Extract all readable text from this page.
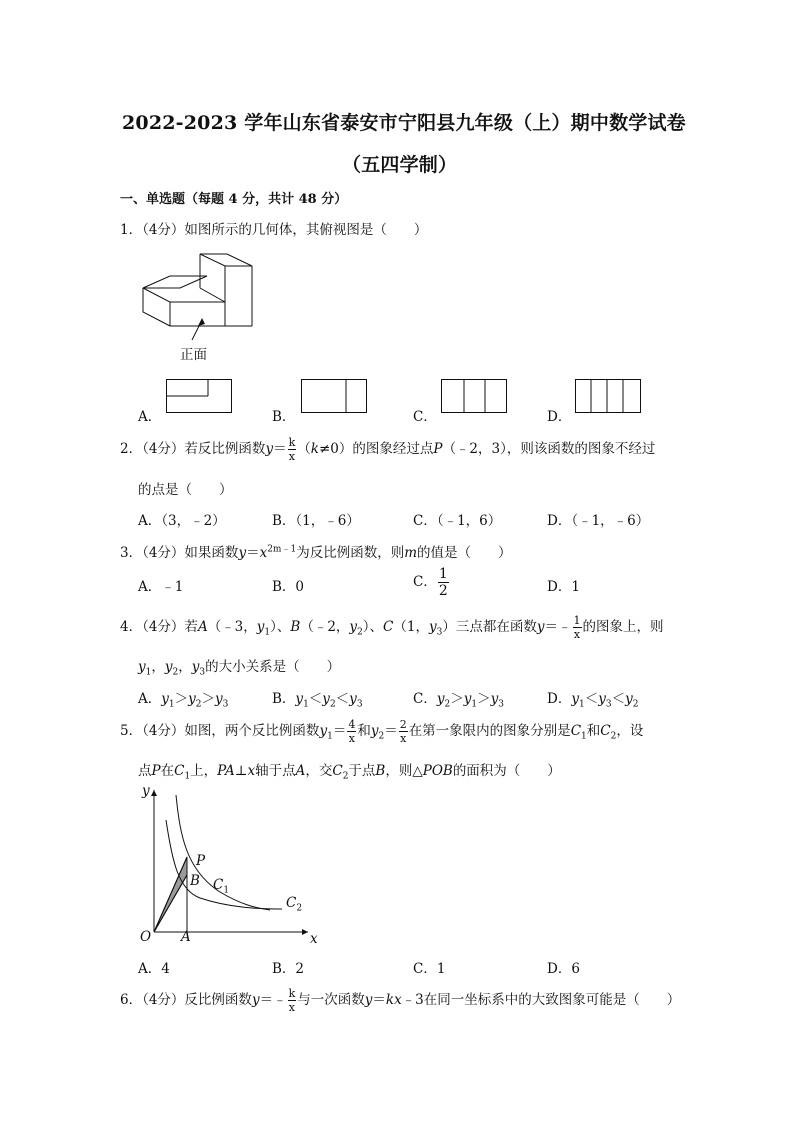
2022-2023 学年山东省泰安市宁阳县九年级（上）期中数学试卷
（五四学制）
一、单选题（每题 4 分，共计 48 分）
1．（4分）如图所示的几何体，其俯视图是（　　）
正面
A．	B．	C．	D．
2．（4分）若反比例函数$y= \frac{k}{x} (k\ne 0)$的图象经过点P（﹣2，3），则该函数的图象不经过
的点是（　　）
A．（3，﹣2）	B．（1，﹣6）	C．（﹣1，6）	D．（﹣1，﹣6）
3．（4分）如果函数$y=x^{2m﹣1}$为反比例函数，则m的值是（　　）
A．﹣1	B．0	C． $\frac{1}{2}$	D．1
4．（4分）若A（﹣3，$y_1$）、B（﹣2，$y_2$）、C（1，$y_3$）三点都在函数y＝﹣ $\frac{1}{x}$ 的图象上，则
$y_1$，$y_2$，$y_3$的大小关系是（　　）
A．$y_1>y_2>y_3$	B．$y_1<y_2<y_3$	C．$y_2>y_1>y_3$	D．$y_1<y_3<y_2$
5．（4分）如图，两个反比例函数$y_1= \frac{4}{x}$ 和$y_2= \frac{2}{x}$ 在第一象限内的图象分别是$C_1$和$C_2$，设
点P在$C_1$上，PA⊥x轴于点A，交$C_2$于点B，则△POB的面积为（　　）
y
x
O A
P
B $C_1$
$C_2$
A．4	B．2	C．1	D．6
6．（4分）反比例函数y＝﹣ $\frac{k}{x}$ 与一次函数y＝kx﹣3在同一坐标系中的大致图象可能是（　　）
